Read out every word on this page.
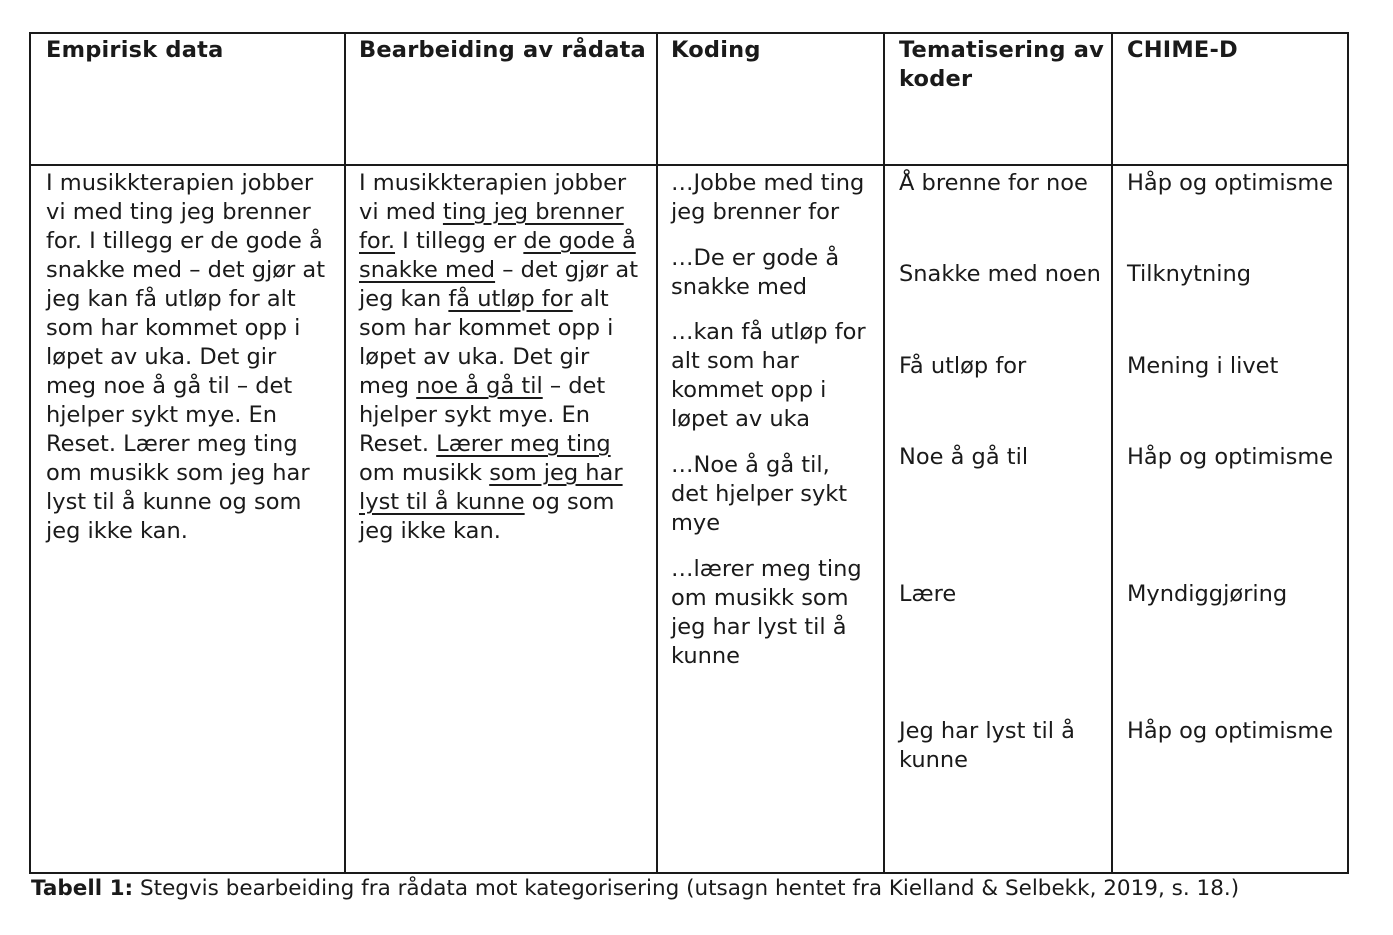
Empirisk data	Bearbeiding av rådata Koding	Tematisering av
koder
CHIME-D
I musikkterapien jobber
vi med ting jeg brenner
for. I tillegg er de gode å
snakke med – det gjør at
jeg kan få utløp for alt
som har kommet opp i
løpet av uka. Det gir
meg noe å gå til – det
hjelper sykt mye. En
Reset. Lærer meg ting
om musikk som jeg har
lyst til å kunne og som
jeg ikke kan.
I musikkterapien jobber
vi med ting jeg brenner
for. I tillegg er de gode å
snakke med – det gjør at
jeg kan få utløp for alt
som har kommet opp i
løpet av uka. Det gir
meg noe å gå til – det
hjelper sykt mye. En
Reset. Lærer meg ting
om musikk som jeg har
lyst til å kunne og som
jeg ikke kan.
…Jobbe med ting
jeg brenner for
…De er gode å
snakke med
…kan få utløp for
alt som har
kommet opp i
løpet av uka
…Noe å gå til,
det hjelper sykt
mye
…lærer meg ting
om musikk som
jeg har lyst til å
kunne
Å brenne for noe
Snakke med noen
Få utløp for
Noe å gå til
Lære
Jeg har lyst til å
kunne
Håp og optimisme
Tilknytning
Mening i livet
Håp og optimisme
Myndiggjøring
Håp og optimisme
Tabell 1: Stegvis bearbeiding fra rådata mot kategorisering (utsagn hentet fra Kielland & Selbekk, 2019, s. 18.)
